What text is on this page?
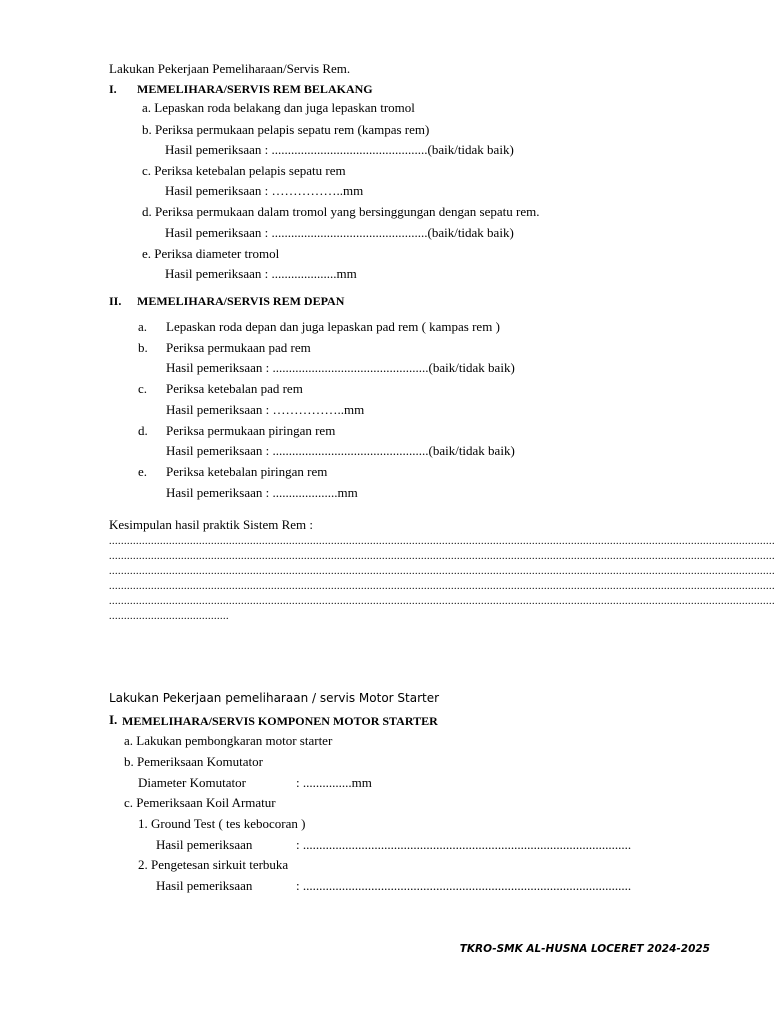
Lakukan Pekerjaan Pemeliharaan/Servis Rem.
I. MEMELIHARA/SERVIS REM BELAKANG
a. Lepaskan roda belakang dan juga lepaskan tromol
b. Periksa permukaan pelapis sepatu rem (kampas rem)
Hasil pemeriksaan : ................................................(baik/tidak baik)
c. Periksa ketebalan pelapis sepatu rem
Hasil pemeriksaan : ……………..mm
d. Periksa permukaan dalam tromol yang bersinggungan dengan sepatu rem.
Hasil pemeriksaan : ................................................(baik/tidak baik)
e. Periksa diameter tromol
Hasil pemeriksaan : ....................mm
II. MEMELIHARA/SERVIS REM DEPAN
a. Lepaskan roda depan dan juga lepaskan pad rem ( kampas rem )
b. Periksa permukaan pad rem
Hasil pemeriksaan : ................................................(baik/tidak baik)
c. Periksa ketebalan pad rem
Hasil pemeriksaan : ……………..mm
d. Periksa permukaan piringan rem
Hasil pemeriksaan : ................................................(baik/tidak baik)
e. Periksa ketebalan piringan rem
Hasil pemeriksaan : ....................mm
Kesimpulan hasil praktik Sistem Rem :
..............................................................................................................................................................................................................................
..............................................................................................................................................................................................................................
..............................................................................................................................................................................................................................
..............................................................................................................................................................................................................................
..............................................................................................................................................................................................................................
........................................
Lakukan Pekerjaan pemeliharaan / servis Motor Starter
I. MEMELIHARA/SERVIS KOMPONEN MOTOR STARTER
a. Lakukan pembongkaran motor starter
b. Pemeriksaan Komutator
Diameter Komutator	: ...............mm
c. Pemeriksaan Koil Armatur
1. Ground Test ( tes kebocoran )
Hasil pemeriksaan	: .....................................................................................................
2. Pengetesan sirkuit terbuka
Hasil pemeriksaan	: .....................................................................................................
TKRO-SMK AL-HUSNA LOCERET 2024-2025
